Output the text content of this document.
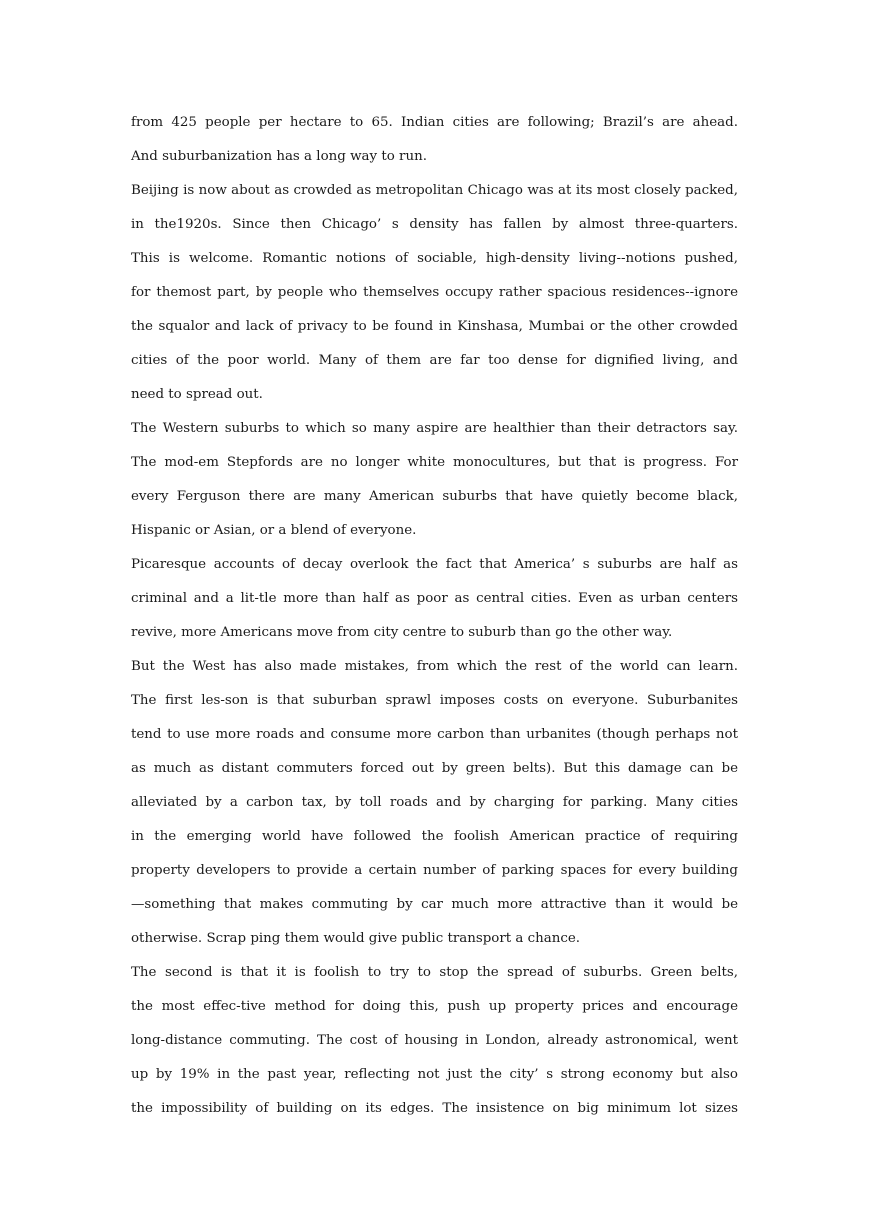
from 425 people per hectare to 65. Indian cities are following; Brazil’s are ahead.
And suburbanization has a long way to run.
Beijing is now about as crowded as metropolitan Chicago was at its most closely packed,
in the1920s. Since then Chicago’ s density has fallen by almost three-quarters.
This is welcome. Romantic notions of sociable, high-density living--notions pushed,
for themost part, by people who themselves occupy rather spacious residences--ignore
the squalor and lack of privacy to be found in Kinshasa, Mumbai or the other crowded
cities of the poor world. Many of them are far too dense for dignified living, and
need to spread out.
The Western suburbs to which so many aspire are healthier than their detractors say.
The mod-em Stepfords are no longer white monocultures, but that is progress. For
every Ferguson there are many American suburbs that have quietly become black,
Hispanic or Asian, or a blend of everyone.
Picaresque accounts of decay overlook the fact that America’ s suburbs are half as
criminal and a lit-tle more than half as poor as central cities. Even as urban centers
revive, more Americans move from city centre to suburb than go the other way.
But the West has also made mistakes, from which the rest of the world can learn.
The first les-son is that suburban sprawl imposes costs on everyone. Suburbanites
tend to use more roads and consume more carbon than urbanites (though perhaps not
as much as distant commuters forced out by green belts). But this damage can be
alleviated by a carbon tax, by toll roads and by charging for parking. Many cities
in the emerging world have followed the foolish American practice of requiring
property developers to provide a certain number of parking spaces for every building
—something that makes commuting by car much more attractive than it would be
otherwise. Scrap ping them would give public transport a chance.
The second is that it is foolish to try to stop the spread of suburbs. Green belts,
the most effec-tive method for doing this, push up property prices and encourage
long-distance commuting. The cost of housing in London, already astronomical, went
up by 19% in the past year, reflecting not just the city’ s strong economy but also
the impossibility of building on its edges. The insistence on big minimum lot sizes
